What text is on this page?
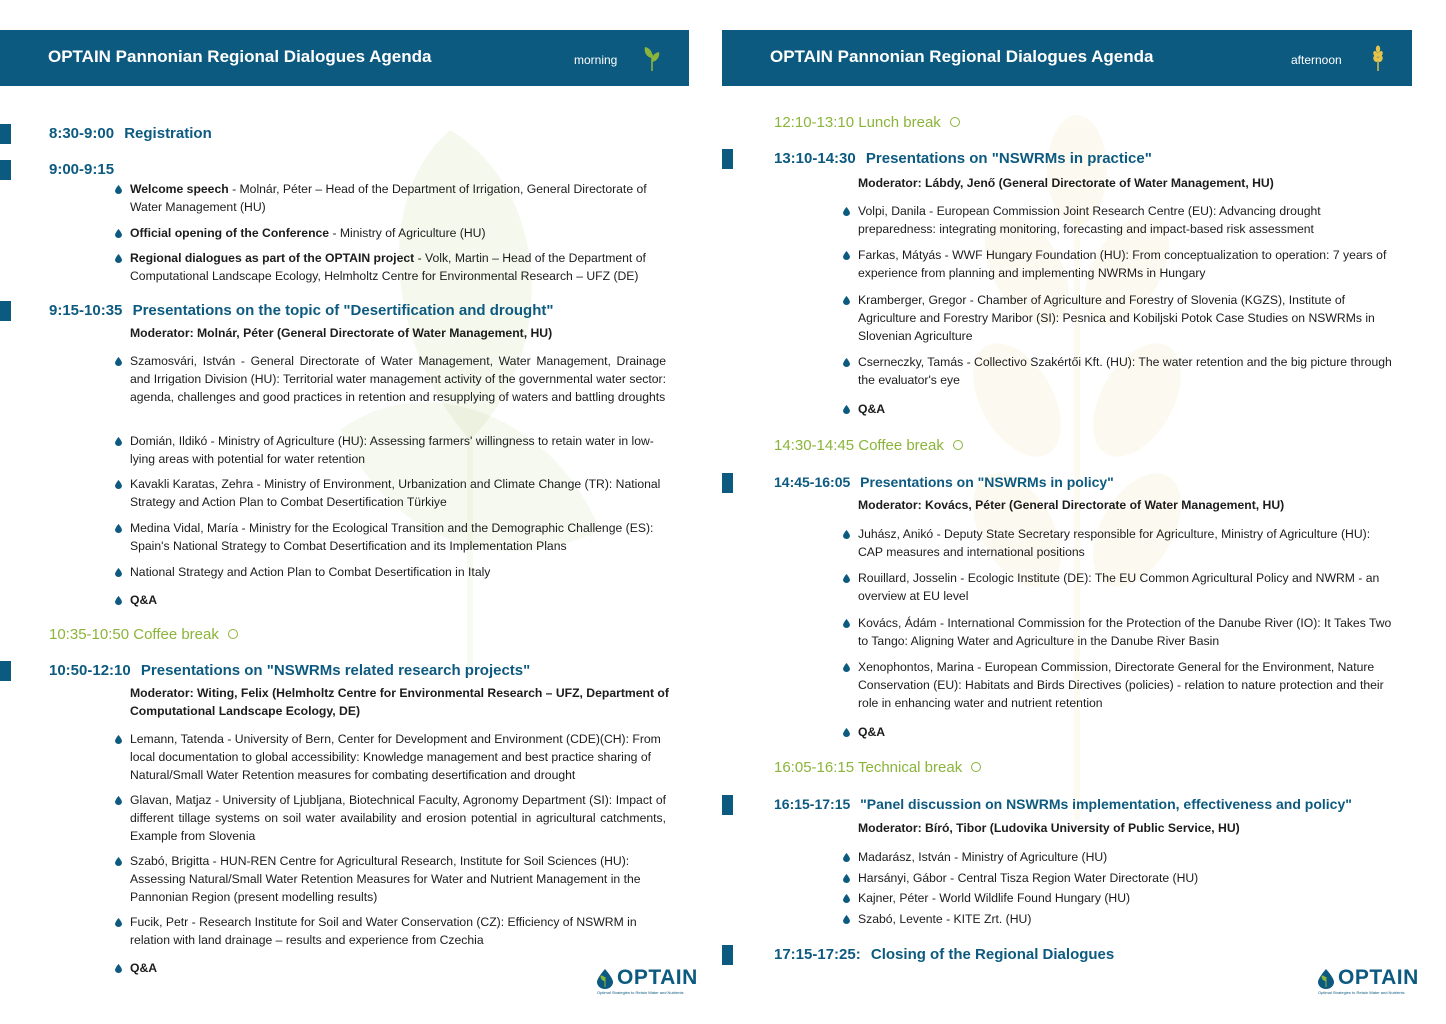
OPTAIN Pannonian Regional Dialogues Agenda	morning
8:30-9:00 Registration
9:00-9:15
Welcome speech - Molnár, Péter – Head of the Department of Irrigation, General Directorate of Water Management (HU)
Official opening of the Conference - Ministry of Agriculture (HU)
Regional dialogues as part of the OPTAIN project - Volk, Martin – Head of the Department of Computational Landscape Ecology, Helmholtz Centre for Environmental Research – UFZ (DE)
9:15-10:35 Presentations on the topic of "Desertification and drought"
Moderator: Molnár, Péter (General Directorate of Water Management, HU)
Szamosvári, István - General Directorate of Water Management, Water Management, Drainage and Irrigation Division (HU): Territorial water management activity of the governmental water sector: agenda, challenges and good practices in retention and resupplying of waters and battling droughts
Domián, Ildikó - Ministry of Agriculture (HU): Assessing farmers' willingness to retain water in low-lying areas with potential for water retention
Kavakli Karatas, Zehra - Ministry of Environment, Urbanization and Climate Change (TR): National Strategy and Action Plan to Combat Desertification Türkiye
Medina Vidal, María - Ministry for the Ecological Transition and the Demographic Challenge (ES): Spain's National Strategy to Combat Desertification and its Implementation Plans
National Strategy and Action Plan to Combat Desertification in Italy
Q&A
10:35-10:50 Coffee break
10:50-12:10 Presentations on "NSWRMs related research projects"
Moderator: Witing, Felix (Helmholtz Centre for Environmental Research – UFZ, Department of Computational Landscape Ecology, DE)
Lemann, Tatenda - University of Bern, Center for Development and Environment (CDE)(CH): From local documentation to global accessibility: Knowledge management and best practice sharing of Natural/Small Water Retention measures for combating desertification and drought
Glavan, Matjaz - University of Ljubljana, Biotechnical Faculty, Agronomy Department (SI): Impact of different tillage systems on soil water availability and erosion potential in agricultural catchments, Example from Slovenia
Szabó, Brigitta - HUN-REN Centre for Agricultural Research, Institute for Soil Sciences (HU): Assessing Natural/Small Water Retention Measures for Water and Nutrient Management in the Pannonian Region (present modelling results)
Fucik, Petr - Research Institute for Soil and Water Conservation (CZ): Efficiency of NSWRM in relation with land drainage – results and experience from Czechia
Q&A	OPTAIN
Optimal Strategies to Retain Water and Nutrients
OPTAIN Pannonian Regional Dialogues Agenda	afternoon
12:10-13:10 Lunch break
13:10-14:30 Presentations on "NSWRMs in practice"
Moderator: Lábdy, Jenő (General Directorate of Water Management, HU)
Volpi, Danila - European Commission Joint Research Centre (EU): Advancing drought preparedness: integrating monitoring, forecasting and impact-based risk assessment
Farkas, Mátyás - WWF Hungary Foundation (HU): From conceptualization to operation: 7 years of experience from planning and implementing NWRMs in Hungary
Kramberger, Gregor - Chamber of Agriculture and Forestry of Slovenia (KGZS), Institute of Agriculture and Forestry Maribor (SI): Pesnica and Kobiljski Potok Case Studies on NSWRMs in Slovenian Agriculture
Cserneczky, Tamás - Collectivo Szakértői Kft. (HU): The water retention and the big picture through the evaluator's eye
Q&A
14:30-14:45 Coffee break
14:45-16:05 Presentations on "NSWRMs in policy"
Moderator: Kovács, Péter (General Directorate of Water Management, HU)
Juhász, Anikó - Deputy State Secretary responsible for Agriculture, Ministry of Agriculture (HU): CAP measures and international positions
Rouillard, Josselin - Ecologic Institute (DE): The EU Common Agricultural Policy and NWRM - an overview at EU level
Kovács, Ádám - International Commission for the Protection of the Danube River (IO): It Takes Two to Tango: Aligning Water and Agriculture in the Danube River Basin
Xenophontos, Marina - European Commission, Directorate General for the Environment, Nature Conservation (EU): Habitats and Birds Directives (policies) - relation to nature protection and their role in enhancing water and nutrient retention
Q&A
16:05-16:15 Technical break
16:15-17:15 "Panel discussion on NSWRMs implementation, effectiveness and policy"
Moderator: Bíró, Tibor (Ludovika University of Public Service, HU)
Madarász, István - Ministry of Agriculture (HU)
Harsányi, Gábor - Central Tisza Region Water Directorate (HU)
Kajner, Péter - World Wildlife Found Hungary (HU)
Szabó, Levente - KITE Zrt. (HU)
17:15-17:25: Closing of the Regional Dialogues
OPTAIN
Optimal Strategies to Retain Water and Nutrients
